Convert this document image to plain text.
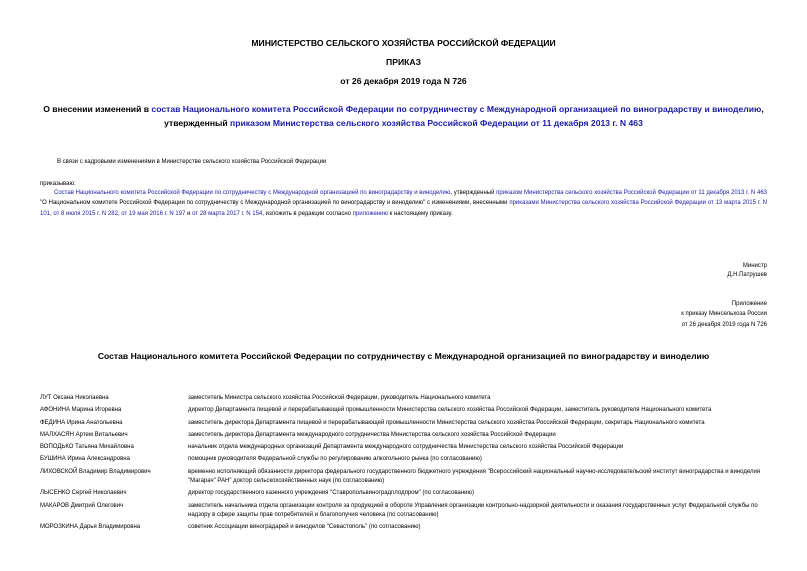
МИНИСТЕРСТВО СЕЛЬСКОГО ХОЗЯЙСТВА РОССИЙСКОЙ ФЕДЕРАЦИИ
ПРИКАЗ
от 26 декабря 2019 года N 726
О внесении изменений в состав Национального комитета Российской Федерации по сотрудничеству с Международной организацией по виноградарству и виноделию, утвержденный приказом Министерства сельского хозяйства Российской Федерации от 11 декабря 2013 г. N 463
В связи с кадровыми изменениями в Министерстве сельского хозяйства Российской Федерации
приказываю:
Состав Национального комитета Российской Федерации по сотрудничеству с Международной организацией по виноградарству и виноделию, утвержденный приказом Министерства сельского хозяйства Российской Федерации от 11 декабря 2013 г. N 463 "О Национальном комитете Российской Федерации по сотрудничеству с Международной организацией по виноградарству и виноделию" с изменениями, внесенными приказами Министерства сельского хозяйства Российской Федерации от 13 марта 2015 г. N 101, от 8 июля 2015 г. N 282, от 19 мая 2016 г. N 197 и от 28 марта 2017 г. N 154, изложить в редакции согласно приложению к настоящему приказу.
Министр
Д.Н.Патрушев
Приложение
к приказу Минсельхоза России
от 26 декабря 2019 года N 726
Состав Национального комитета Российской Федерации по сотрудничеству с Международной организацией по виноградарству и виноделию
ЛУТ Оксана Николаевна	заместитель Министра сельского хозяйства Российской Федерации, руководитель Национального комитета
АФОНИНА Марина Игоревна	директор Департамента пищевой и перерабатывающей промышленности Министерства сельского хозяйства Российской Федерации, заместитель руководителя Национального комитета
ФЕДИНА Ирина Анатольевна	заместитель директора Департамента пищевой и перерабатывающей промышленности Министерства сельского хозяйства Российской Федерации, секретарь Национального комитета
МАЛХАСЯН Артем Витальевич	заместитель директора Департамента международного сотрудничества Министерства сельского хозяйства Российской Федерации
ВОПОДЬКО Татьяна Михайловна	начальник отдела международных организаций Департамента международного сотрудничества Министерства сельского хозяйства Российской Федерации
БУШИНА Ирина Александровна	помощник руководителя Федеральной службы по регулированию алкогольного рынка (по согласованию)
ЛИХОВСКОЙ Владимир Владимирович	временно исполняющий обязанности директора федерального государственного бюджетного учреждения "Всероссийский национальный научно-исследовательский институт виноградарства и виноделия "Магарач" РАН" доктор сельскохозяйственных наук (по согласованию)
ЛЫСЕНКО Сергей Николаевич	директор государственного казенного учреждения "Ставропольвиноградплодпром" (по согласованию)
МАКАРОВ Дмитрий Олегович	заместитель начальника отдела организации контроля за продукцией в обороте Управления организации контрольно-надзорной деятельности и оказания государственных услуг Федеральной службы по надзору в сфере защиты прав потребителей и благополучия человека (по согласованию)
МОРОЗКИНА Дарья Владимировна	советник Ассоциации виноградарей и виноделов "Севастополь" (по согласованию)
